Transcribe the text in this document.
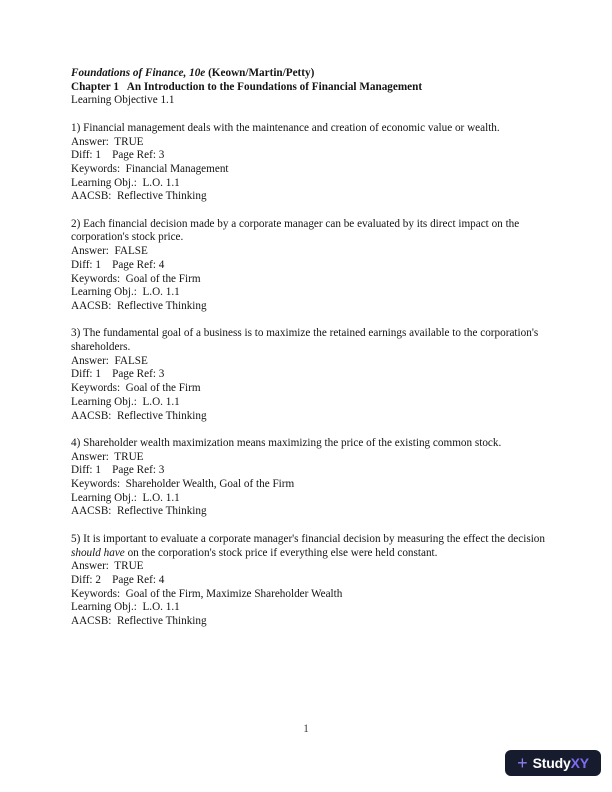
Foundations of Finance, 10e (Keown/Martin/Petty)

Chapter 1   An Introduction to the Foundations of Financial Management

Learning Objective 1.1

1) Financial management deals with the maintenance and creation of economic value or wealth.

Answer:  TRUE

Diff: 1    Page Ref: 3

Keywords:  Financial Management

Learning Obj.:  L.O. 1.1

AACSB:  Reflective Thinking

2) Each financial decision made by a corporate manager can be evaluated by its direct impact on the corporation's stock price.

Answer:  FALSE

Diff: 1    Page Ref: 4

Keywords:  Goal of the Firm

Learning Obj.:  L.O. 1.1

AACSB:  Reflective Thinking

3) The fundamental goal of a business is to maximize the retained earnings available to the corporation's shareholders.

Answer:  FALSE

Diff: 1    Page Ref: 3

Keywords:  Goal of the Firm

Learning Obj.:  L.O. 1.1

AACSB:  Reflective Thinking

4) Shareholder wealth maximization means maximizing the price of the existing common stock.

Answer:  TRUE

Diff: 1    Page Ref: 3

Keywords:  Shareholder Wealth, Goal of the Firm

Learning Obj.:  L.O. 1.1

AACSB:  Reflective Thinking

5) It is important to evaluate a corporate manager's financial decision by measuring the effect the decision should have on the corporation's stock price if everything else were held constant.

Answer:  TRUE

Diff: 2    Page Ref: 4

Keywords:  Goal of the Firm, Maximize Shareholder Wealth

Learning Obj.:  L.O. 1.1

AACSB:  Reflective Thinking

1
+ Study XY
